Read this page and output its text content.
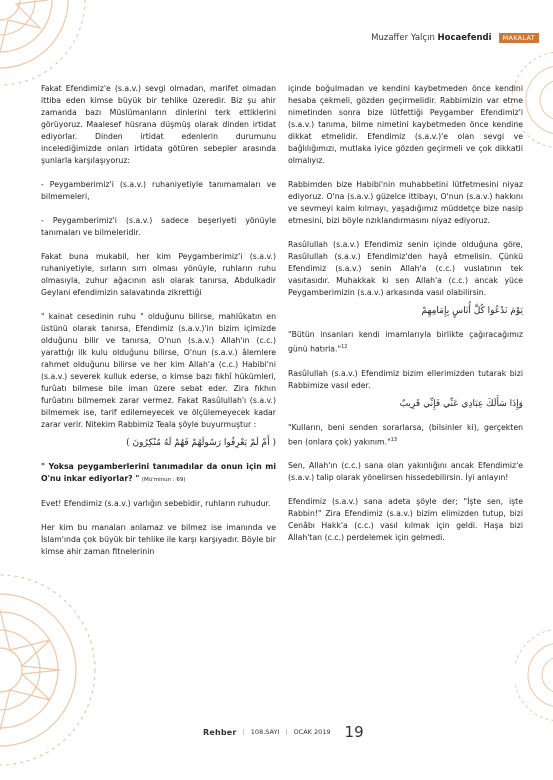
Muzaffer Yalçın Hocaefendi	MAKALAT

Fakat Efendimiz'e (s.a.v.) sevgi olmadan, marifet olmadan ittiba eden kimse büyük bir tehlike üzeredir. Biz şu ahir zamanda bazı Müslümanların dinlerini terk ettiklerini görüyoruz. Maalesef hüsrana düşmüş olarak dinden irtidat ediyorlar. Dinden irtidat edenlerin durumunu incelediğimizde onları irtidata götüren sebepler arasında şunlarla karşılaşıyoruz:

- Peygamberimiz'i (s.a.v.) ruhaniyetiyle tanımamaları ve bilmemeleri,

- Peygamberimiz'i (s.a.v.) sadece beşeriyeti yönüyle tanımaları ve bilmeleridir.

Fakat buna mukabil, her kim Peygamberimiz'i (s.a.v.) ruhaniyetiyle, sırların sırrı olması yönüyle, ruhların ruhu olmasıyla, zuhur ağacının aslı olarak tanırsa, Abdulkadir Geylani efendimizin salavatında zikrettiği

" kainat cesedinin ruhu " olduğunu bilirse, mahlûkatın en üstünü olarak tanırsa, Efendimiz (s.a.v.)'in bizim içimizde olduğunu bilir ve tanırsa, O'nun (s.a.v.) Allah'ın (c.c.) yarattığı ilk kulu olduğunu bilirse, O'nun (s.a.v.) âlemlere rahmet olduğunu bilirse ve her kim Allah'a (c.c.) Habibi'ni (s.a.v.) severek kulluk ederse, o kimse bazı fıkhî hükümleri, furûatı bilmese bile iman üzere sebat eder. Zira fıkhın furûatını bilmemek zarar vermez. Fakat Rasûlullah'ı (s.a.v.) bilmemek ise, tarif edilemeyecek ve ölçülemeyecek kadar zarar verir. Nitekim Rabbimiz Teala şöyle buyurmuştur :

( أَمْ لَمْ يَعْرِفُوا رَسُولَهُمْ فَهُمْ لَهُ مُنْكِرُونَ )

" Yoksa peygamberlerini tanımadılar da onun için mi O'nu inkar ediyorlar? " (Mü'minun : 69)

Evet! Efendimiz (s.a.v.) varlığın sebebidir, ruhların ruhudur.

Her kim bu manaları anlamaz ve bilmez ise imanında ve İslam'ında çok büyük bir tehlike ile karşı karşıyadır. Böyle bir kimse ahir zaman fitnelerinin

içinde boğulmadan ve kendini kaybetmeden önce kendini hesaba çekmeli, gözden geçirmelidir. Rabbimizin var etme nimetinden sonra bize lütfettiği Peygamber Efendimiz'i (s.a.v.) tanıma, bilme nimetini kaybetmeden önce kendine dikkat etmelidir. Efendimiz (s.a.v.)'e olan sevgi ve bağlılığımızı, mutlaka iyice gözden geçirmeli ve çok dikkatli olmalıyız.

Rabbimden bize Habibi'nin muhabbetini lütfetmesini niyaz ediyoruz. O'na (s.a.v.) güzelce ittibayı, O'nun (s.a.v.) hakkını ve sevmeyi kaim kılmayı, yaşadığımız müddetçe bize nasip etmesini, bizi böyle nzıklandırmasını niyaz ediyoruz.

Rasûlullah (s.a.v.) Efendimiz senin içinde olduğuna göre, Rasûlullah (s.a.v.) Efendimiz'den hayâ etmelisin. Çünkü Efendimiz (s.a.v.) senin Allah'a (c.c.) vuslatının tek vasıtasıdır. Muhakkak ki sen Allah'a (c.c.) ancak yüce Peygamberimizin (s.a.v.) arkasında vasıl olabilirsin.

يَوْمَ نَدْعُوا كُلَّ أُنَاسٍ بِإِمَامِهِمْ

"Bütün insanları kendi imamlarıyla birlikte çağıracağımız günü hatırla."$^{12}$

Rasûlullah (s.a.v.) Efendimiz bizim ellerimizden tutarak bizi Rabbimize vasıl eder.

وَإِذَا سَأَلَكَ عِبَادِي عَنِّي فَإِنِّي قَرِيبٌ

"Kulların, beni senden sorarlarsa, (bilsinler ki), gerçekten ben (onlara çok) yakınım."$^{13}$

Sen, Allah'ın (c.c.) sana olan yakınlığını ancak Efendimiz'e (s.a.v.) talip olarak yönelirsen hissedebilirsin. İyi anlayın!

Efendimiz (s.a.v.) sana adeta şöyle der; "İşte sen, işte Rabbin!" Zira Efendimiz (s.a.v.) bizim elimizden tutup, bizi Cenâbı Hakk'a (c.c.) vasıl kılmak için geldi. Haşa bizi Allah'tan (c.c.) perdelemek için gelmedi.

Rehber | 108.SAYI | OCAK 2019 19
